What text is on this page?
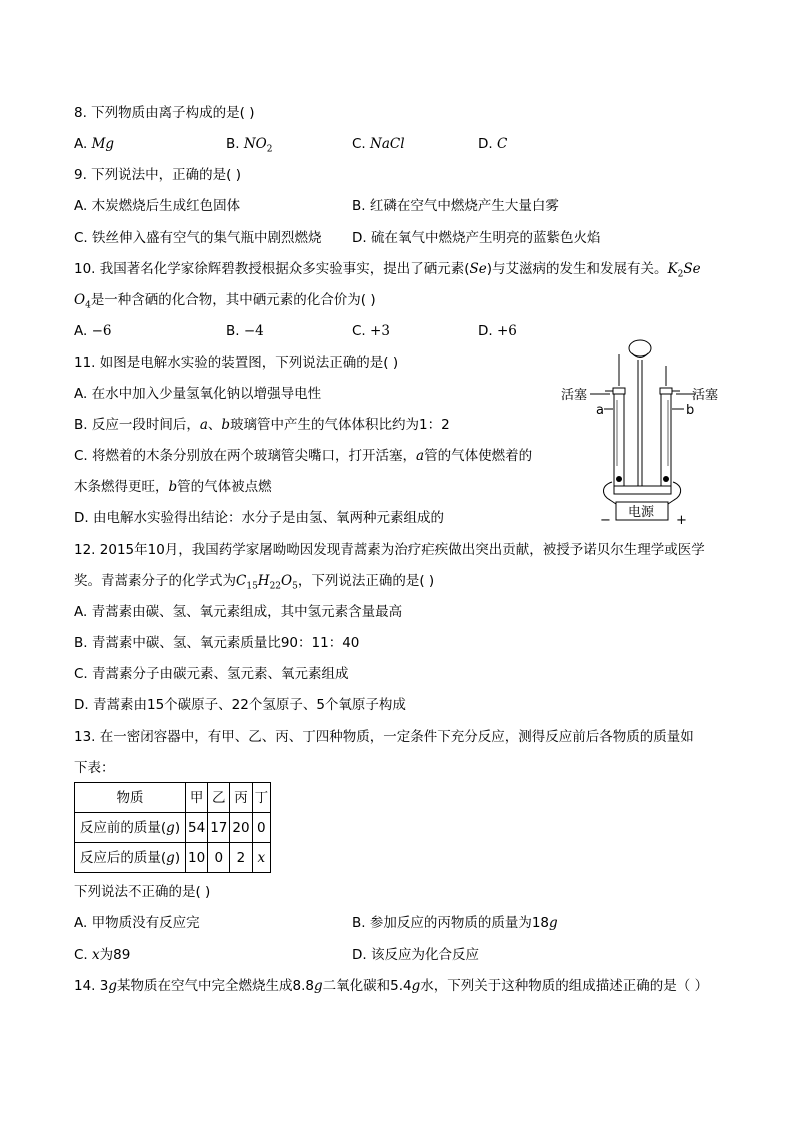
8. 下列物质由离子构成的是( )
A. Mg	B. $NO_2$	C. NaCl	D. C
9. 下列说法中，正确的是( )
A. 木炭燃烧后生成红色固体	B. 红磷在空气中燃烧产生大量白雾
C. 铁丝伸入盛有空气的集气瓶中剧烈燃烧 D. 硫在氧气中燃烧产生明亮的蓝紫色火焰
10. 我国著名化学家徐辉碧教授根据众多实验事实，提出了硒元素(Se)与艾滋病的发生和发展有关。$K_2Se$
$O_4$是一种含硒的化合物，其中硒元素的化合价为( )
A. −6	B. −4	C. +3	D. +6
11. 如图是电解水实验的装置图，下列说法正确的是( )
A. 在水中加入少量氢氧化钠以增强导电性
B. 反应一段时间后，a、b玻璃管中产生的气体体积比约为1：2
C. 将燃着的木条分别放在两个玻璃管尖嘴口，打开活塞，a管的气体使燃着的
木条燃得更旺，b管的气体被点燃
D. 由电解水实验得出结论：水分子是由氢、氧两种元素组成的
活塞	活塞
a	b
电源
−	+
12. 2015年10月，我国药学家屠呦呦因发现青蒿素为治疗疟疾做出突出贡献，被授予诺贝尔生理学或医学
奖。青蒿素分子的化学式为$C_{15}H_{22}O_5$，下列说法正确的是( )
A. 青蒿素由碳、氢、氧元素组成，其中氢元素含量最高
B. 青蒿素中碳、氢、氧元素质量比90：11：40
C. 青蒿素分子由碳元素、氢元素、氧元素组成
D. 青蒿素由15个碳原子、22个氢原子、5个氧原子构成
13. 在一密闭容器中，有甲、乙、丙、丁四种物质，一定条件下充分反应，测得反应前后各物质的质量如
下表：
物质	甲	乙	丙	丁
反应前的质量(g)	54	17	20	0
反应后的质量(g)	10	0	2	x
下列说法不正确的是( )
A. 甲物质没有反应完	B. 参加反应的丙物质的质量为18g
C. x为89	D. 该反应为化合反应
14. 3g某物质在空气中完全燃烧生成8.8g二氧化碳和5.4g水，下列关于这种物质的组成描述正确的是（ ）
